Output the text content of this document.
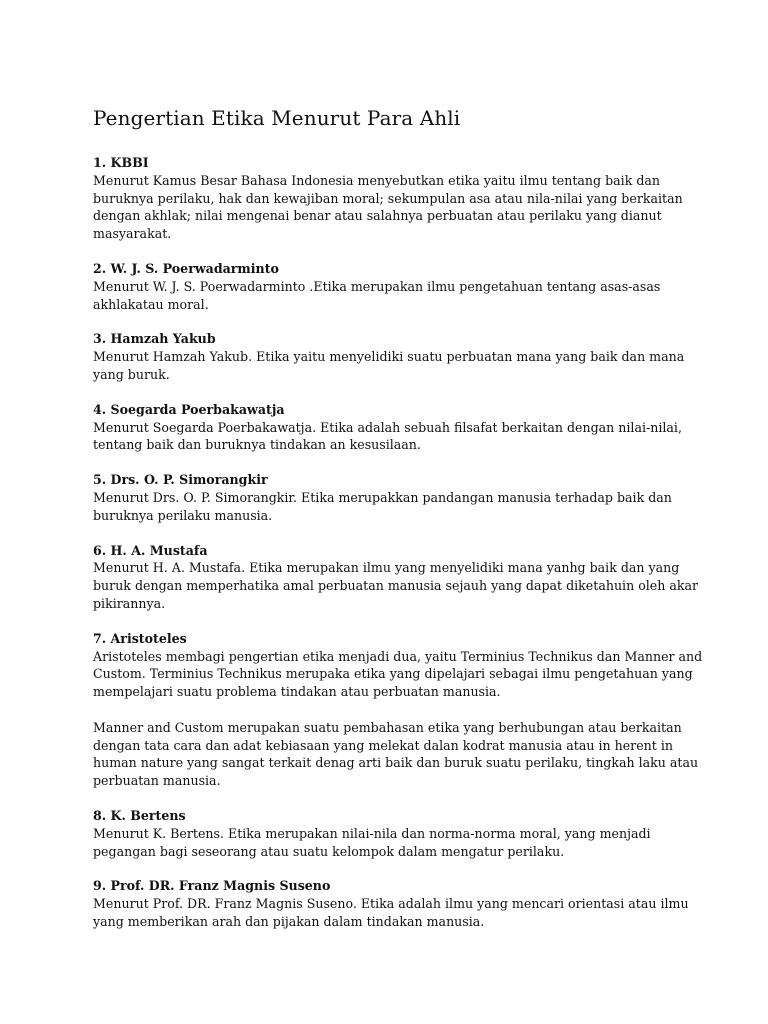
Pengertian Etika Menurut Para Ahli

1. KBBI

Menurut Kamus Besar Bahasa Indonesia menyebutkan etika yaitu ilmu tentang baik dan buruknya perilaku, hak dan kewajiban moral; sekumpulan asa atau nila-nilai yang berkaitan dengan akhlak; nilai mengenai benar atau salahnya perbuatan atau perilaku yang dianut masyarakat.

2. W. J. S. Poerwadarminto

Menurut W. J. S. Poerwadarminto .Etika merupakan ilmu pengetahuan tentang asas-asas akhlakatau moral.

3. Hamzah Yakub

Menurut Hamzah Yakub. Etika yaitu menyelidiki suatu perbuatan mana yang baik dan mana yang buruk.

4. Soegarda Poerbakawatja

Menurut Soegarda Poerbakawatja. Etika adalah sebuah filsafat berkaitan dengan nilai-nilai, tentang baik dan buruknya tindakan an kesusilaan.

5. Drs. O. P. Simorangkir

Menurut Drs. O. P. Simorangkir. Etika merupakkan pandangan manusia terhadap baik dan buruknya perilaku manusia.

6. H. A. Mustafa

Menurut H. A. Mustafa. Etika merupakan ilmu yang menyelidiki mana yanhg baik dan yang buruk dengan memperhatika amal perbuatan manusia sejauh yang dapat diketahuin oleh akar pikirannya.

7. Aristoteles

Aristoteles membagi pengertian etika menjadi dua, yaitu Terminius Technikus dan Manner and Custom. Terminius Technikus merupaka etika yang dipelajari sebagai ilmu pengetahuan yang mempelajari suatu problema tindakan atau perbuatan manusia.

Manner and Custom merupakan suatu pembahasan etika yang berhubungan atau berkaitan dengan tata cara dan adat kebiasaan yang melekat dalan kodrat manusia atau in herent in human nature yang sangat terkait denag arti baik dan buruk suatu perilaku, tingkah laku atau perbuatan manusia.

8. K. Bertens

Menurut K. Bertens. Etika merupakan nilai-nila dan norma-norma moral, yang menjadi pegangan bagi seseorang atau suatu kelompok dalam mengatur perilaku.

9. Prof. DR. Franz Magnis Suseno

Menurut Prof. DR. Franz Magnis Suseno. Etika adalah ilmu yang mencari orientasi atau ilmu yang memberikan arah dan pijakan dalam tindakan manusia.
